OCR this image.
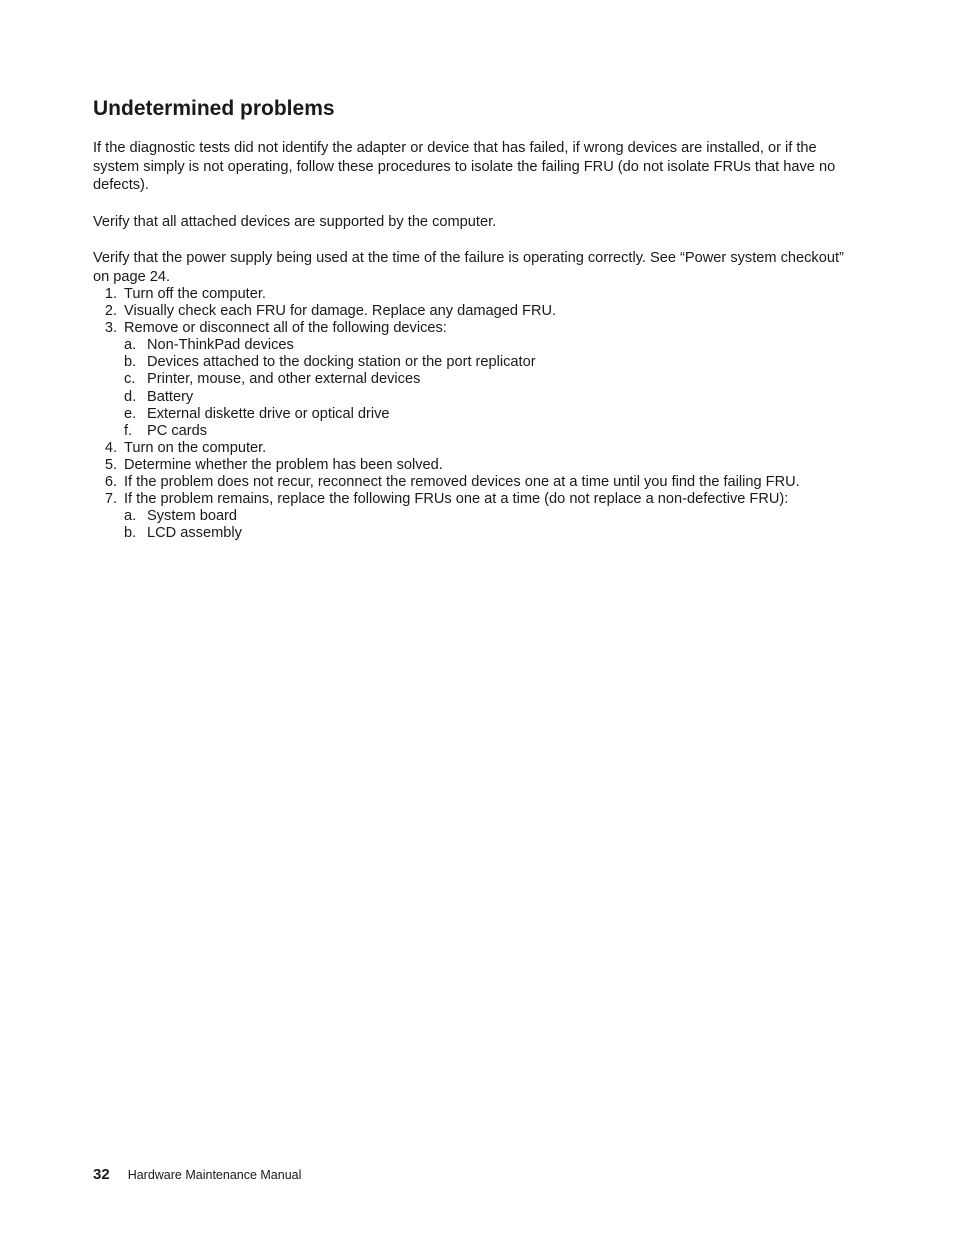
Undetermined problems

If the diagnostic tests did not identify the adapter or device that has failed, if wrong devices are installed, or if the system simply is not operating, follow these procedures to isolate the failing FRU (do not isolate FRUs that have no defects).

Verify that all attached devices are supported by the computer.

Verify that the power supply being used at the time of the failure is operating correctly. See “Power system checkout” on page 24.

1. Turn off the computer.
2. Visually check each FRU for damage. Replace any damaged FRU.
3. Remove or disconnect all of the following devices:
a. Non-ThinkPad devices
b. Devices attached to the docking station or the port replicator
c. Printer, mouse, and other external devices
d. Battery
e. External diskette drive or optical drive
f.	PC cards
4. Turn on the computer.
5. Determine whether the problem has been solved.
6. If the problem does not recur, reconnect the removed devices one at a time until you find the failing FRU.
7. If the problem remains, replace the following FRUs one at a time (do not replace a non-defective FRU):
a. System board
b. LCD assembly
32 Hardware Maintenance Manual
